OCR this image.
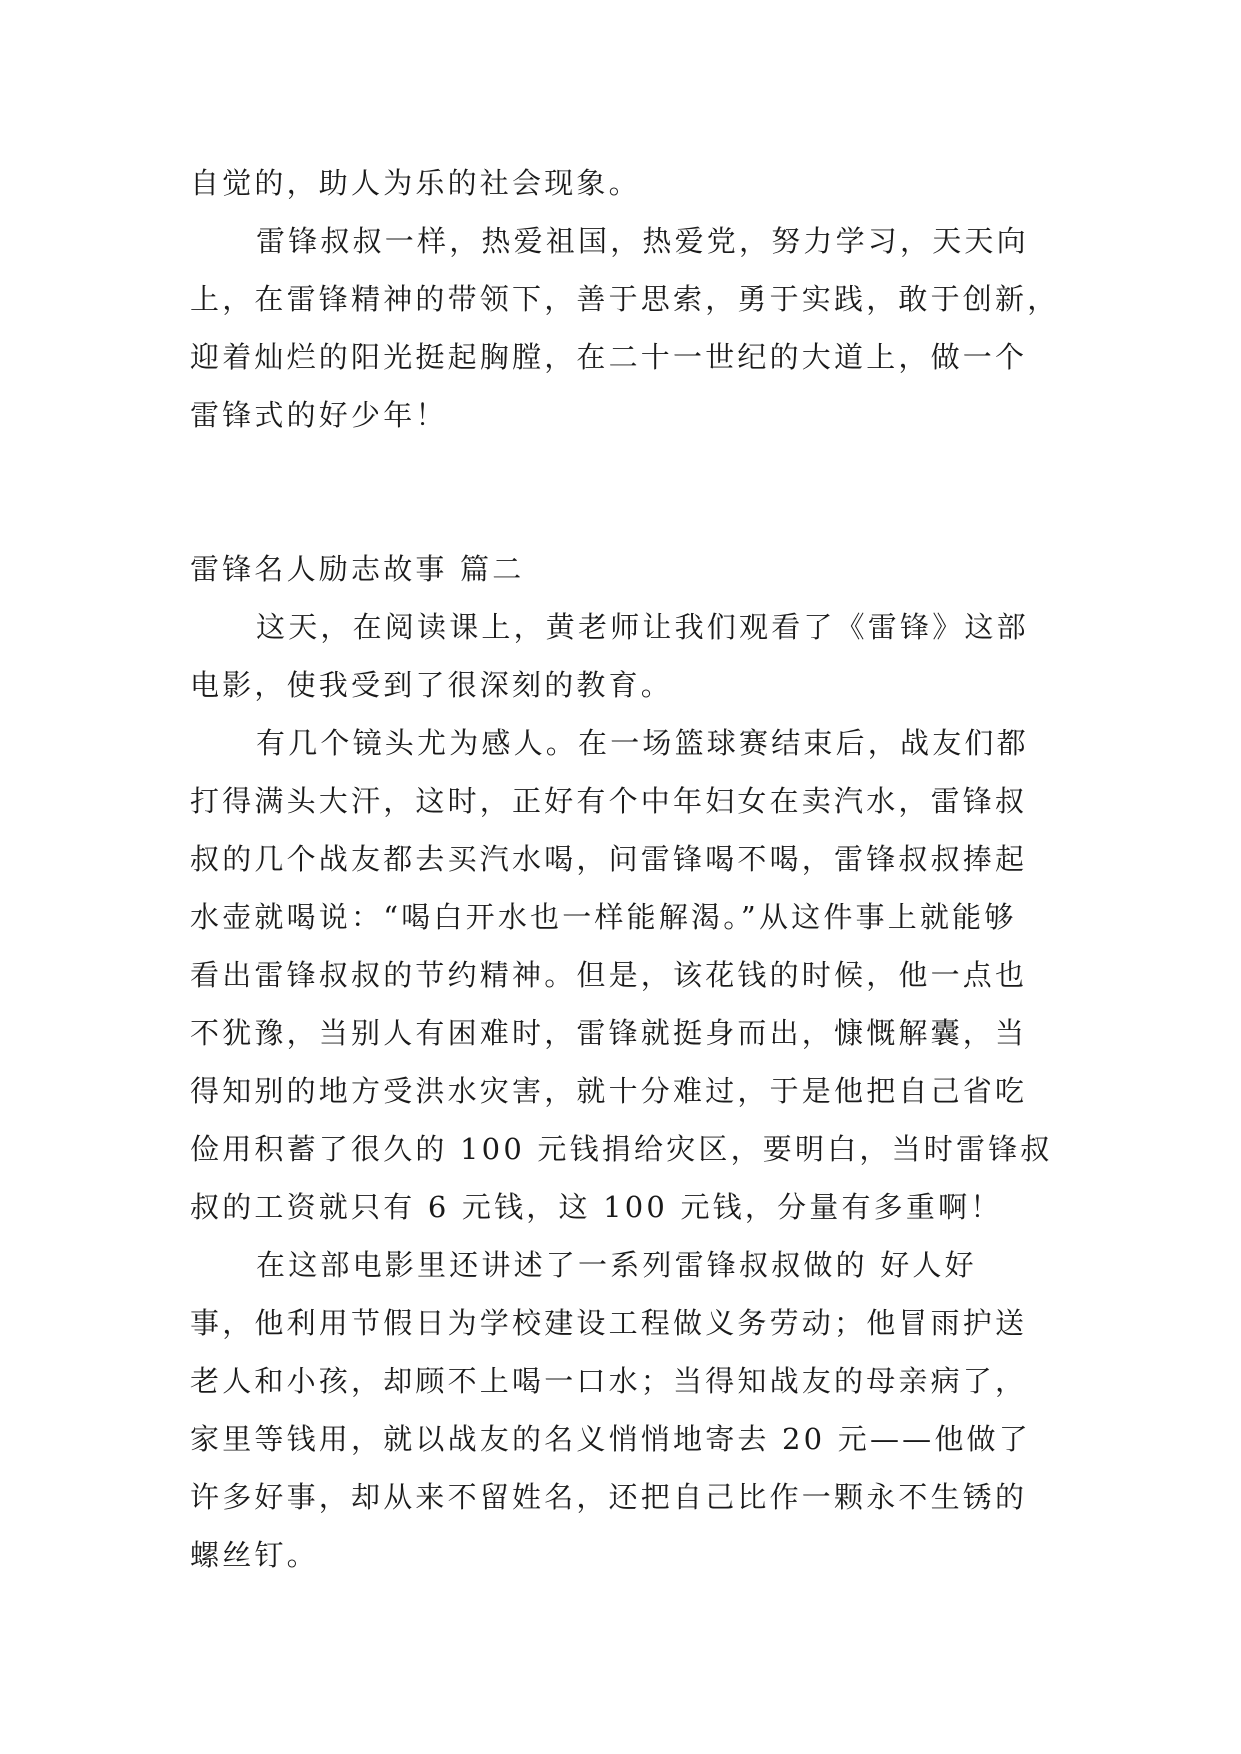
自觉的，助人为乐的社会现象。
雷锋叔叔一样，热爱祖国，热爱党，努力学习，天天向
上，在雷锋精神的带领下，善于思索，勇于实践，敢于创新，
迎着灿烂的阳光挺起胸膛，在二十一世纪的大道上，做一个
雷锋式的好少年！
雷锋名人励志故事 篇二
这天，在阅读课上，黄老师让我们观看了《雷锋》这部
电影，使我受到了很深刻的教育。
有几个镜头尤为感人。在一场篮球赛结束后，战友们都
打得满头大汗，这时，正好有个中年妇女在卖汽水，雷锋叔
叔的几个战友都去买汽水喝，问雷锋喝不喝，雷锋叔叔捧起
水壶就喝说：“喝白开水也一样能解渴。”从这件事上就能够
看出雷锋叔叔的节约精神。但是，该花钱的时候，他一点也
不犹豫，当别人有困难时，雷锋就挺身而出，慷慨解囊，当
得知别的地方受洪水灾害，就十分难过，于是他把自己省吃
俭用积蓄了很久的 100 元钱捐给灾区，要明白，当时雷锋叔
叔的工资就只有 6 元钱，这 100 元钱，分量有多重啊！
在这部电影里还讲述了一系列雷锋叔叔做的 好人好
事，他利用节假日为学校建设工程做义务劳动；他冒雨护送
老人和小孩，却顾不上喝一口水；当得知战友的母亲病了，
家里等钱用，就以战友的名义悄悄地寄去 20 元——他做了
许多好事，却从来不留姓名，还把自己比作一颗永不生锈的
螺丝钉。
